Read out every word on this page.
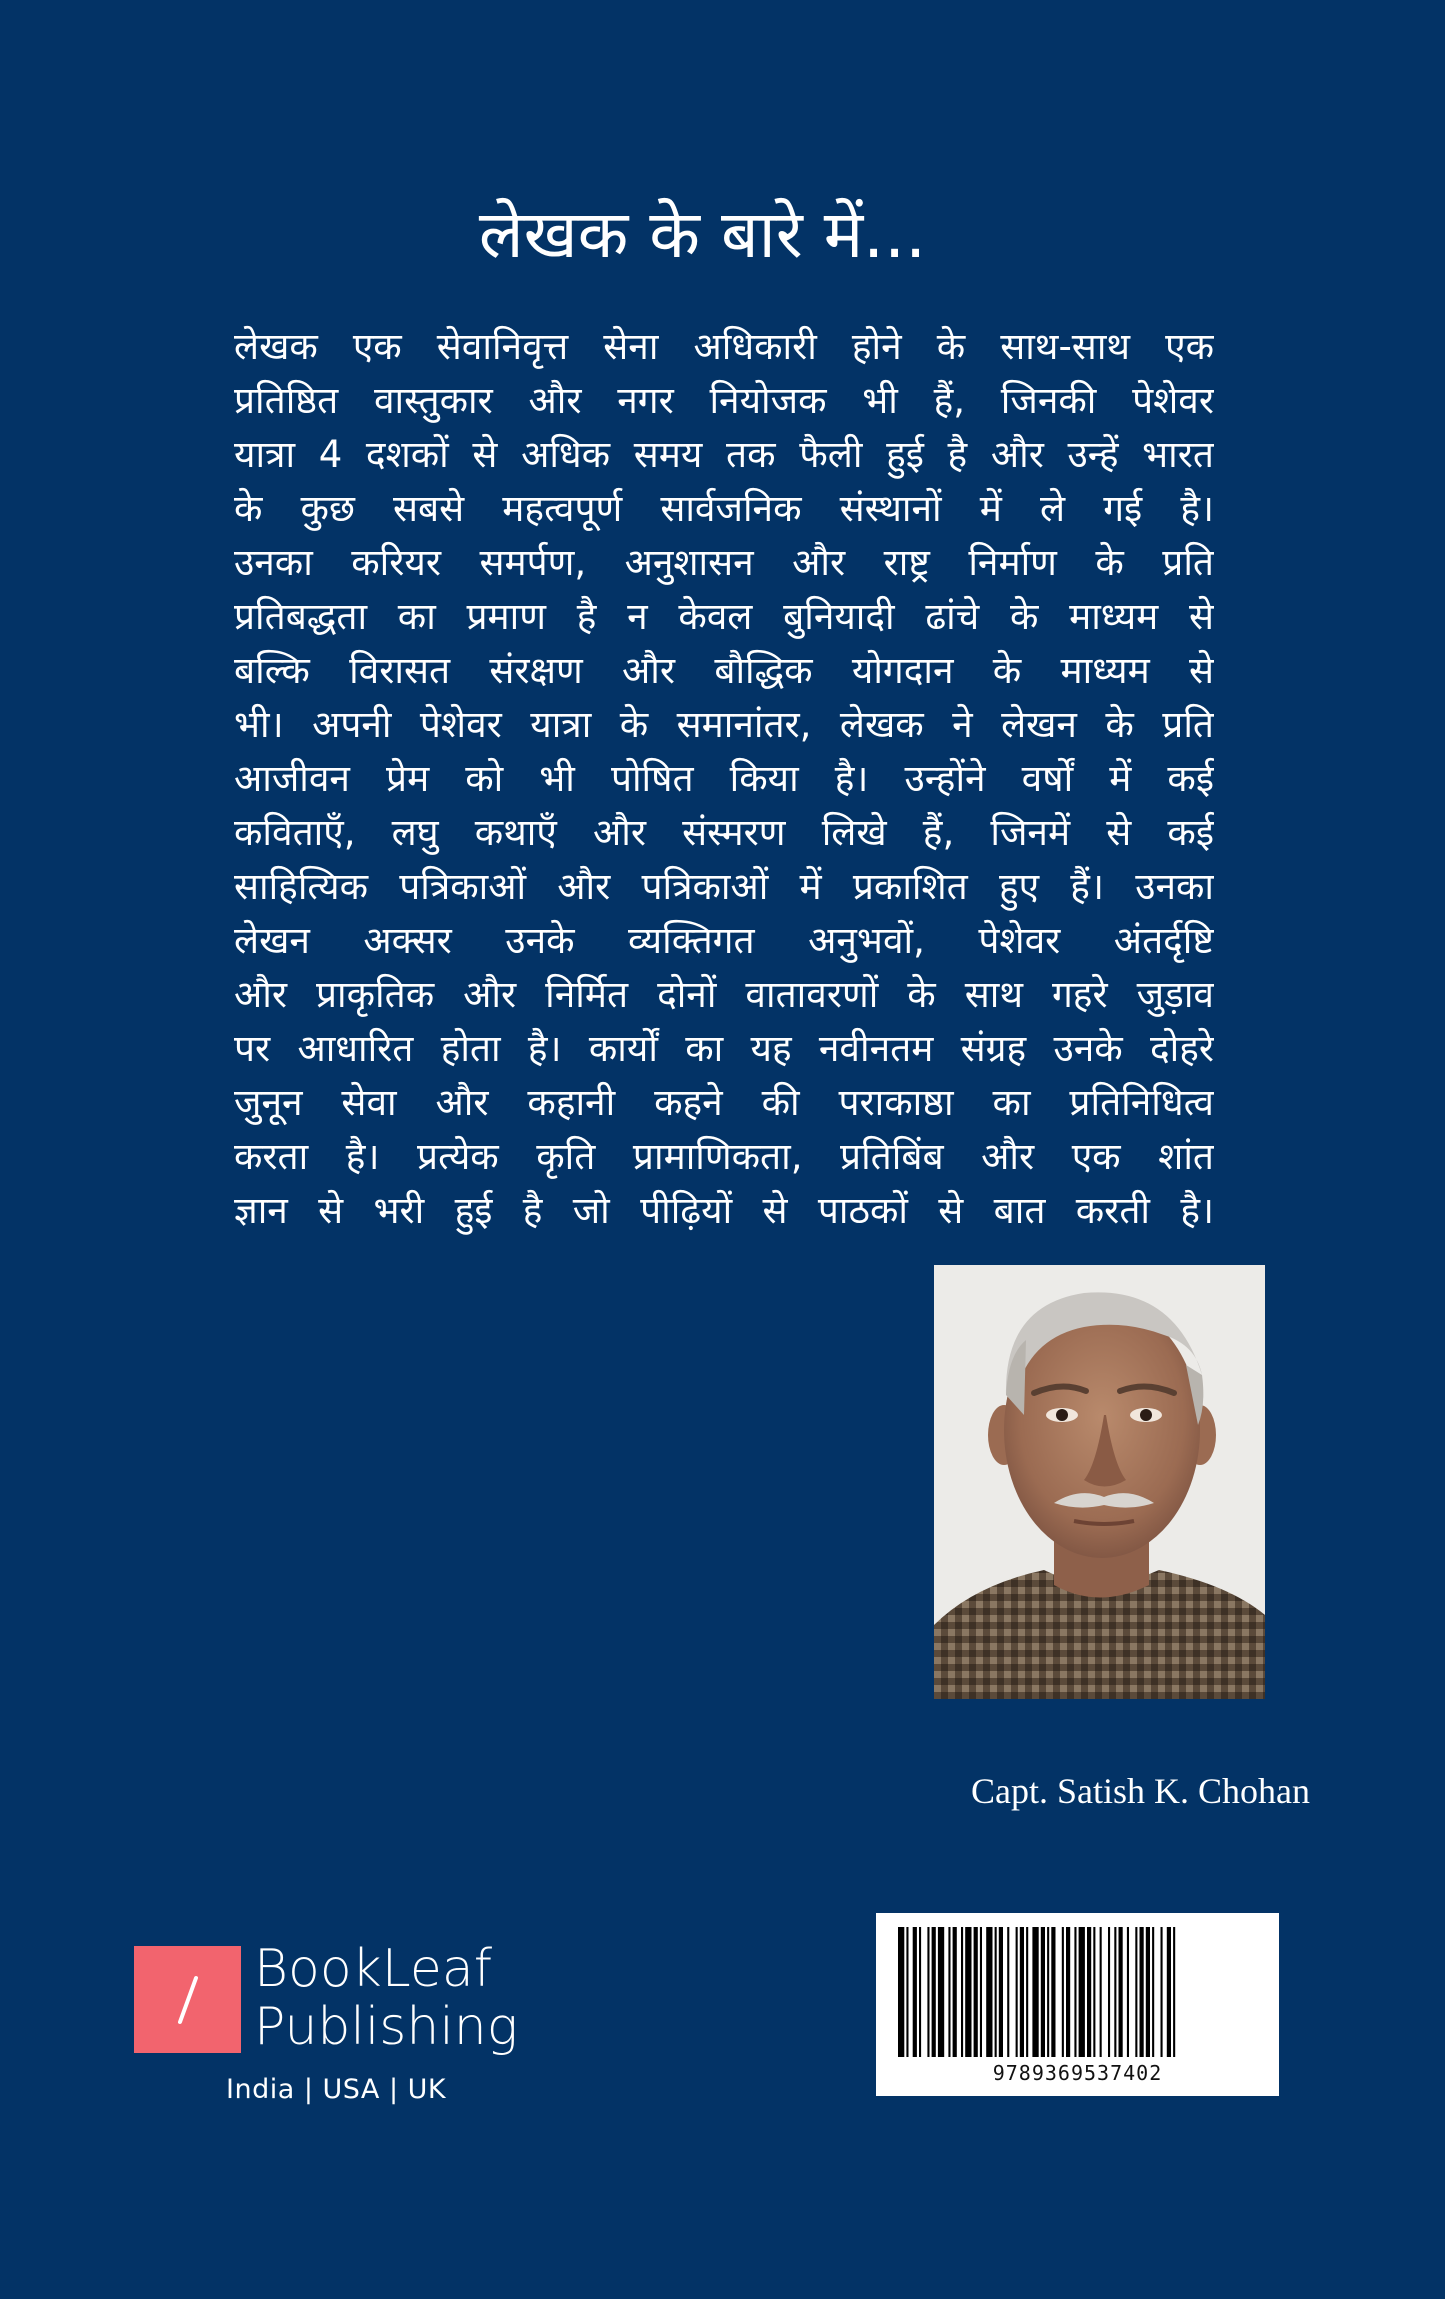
लेखक के बारे में...
लेखक एक सेवानिवृत्त सेना अधिकारी होने के साथ-साथ एक
प्रतिष्ठित वास्तुकार और नगर नियोजक भी हैं, जिनकी पेशेवर
यात्रा 4 दशकों से अधिक समय तक फैली हुई है और उन्हें भारत
के कुछ सबसे महत्वपूर्ण सार्वजनिक संस्थानों में ले गई है।
उनका करियर समर्पण, अनुशासन और राष्ट्र निर्माण के प्रति
प्रतिबद्धता का प्रमाण है न केवल बुनियादी ढांचे के माध्यम से
बल्कि विरासत संरक्षण और बौद्धिक योगदान के माध्यम से
भी। अपनी पेशेवर यात्रा के समानांतर, लेखक ने लेखन के प्रति
आजीवन प्रेम को भी पोषित किया है। उन्होंने वर्षों में कई
कविताएँ, लघु कथाएँ और संस्मरण लिखे हैं, जिनमें से कई
साहित्यिक पत्रिकाओं और पत्रिकाओं में प्रकाशित हुए हैं। उनका
लेखन अक्सर उनके व्यक्तिगत अनुभवों, पेशेवर अंतर्दृष्टि
और प्राकृतिक और निर्मित दोनों वातावरणों के साथ गहरे जुड़ाव
पर आधारित होता है। कार्यों का यह नवीनतम संग्रह उनके दोहरे
जुनून सेवा और कहानी कहने की पराकाष्ठा का प्रतिनिधित्व
करता है। प्रत्येक कृति प्रामाणिकता, प्रतिबिंब और एक शांत
ज्ञान से भरी हुई है जो पीढ़ियों से पाठकों से बात करती है।
Capt. Satish K. Chohan
BookLeaf
Publishing
India | USA | UK
9789369537402
